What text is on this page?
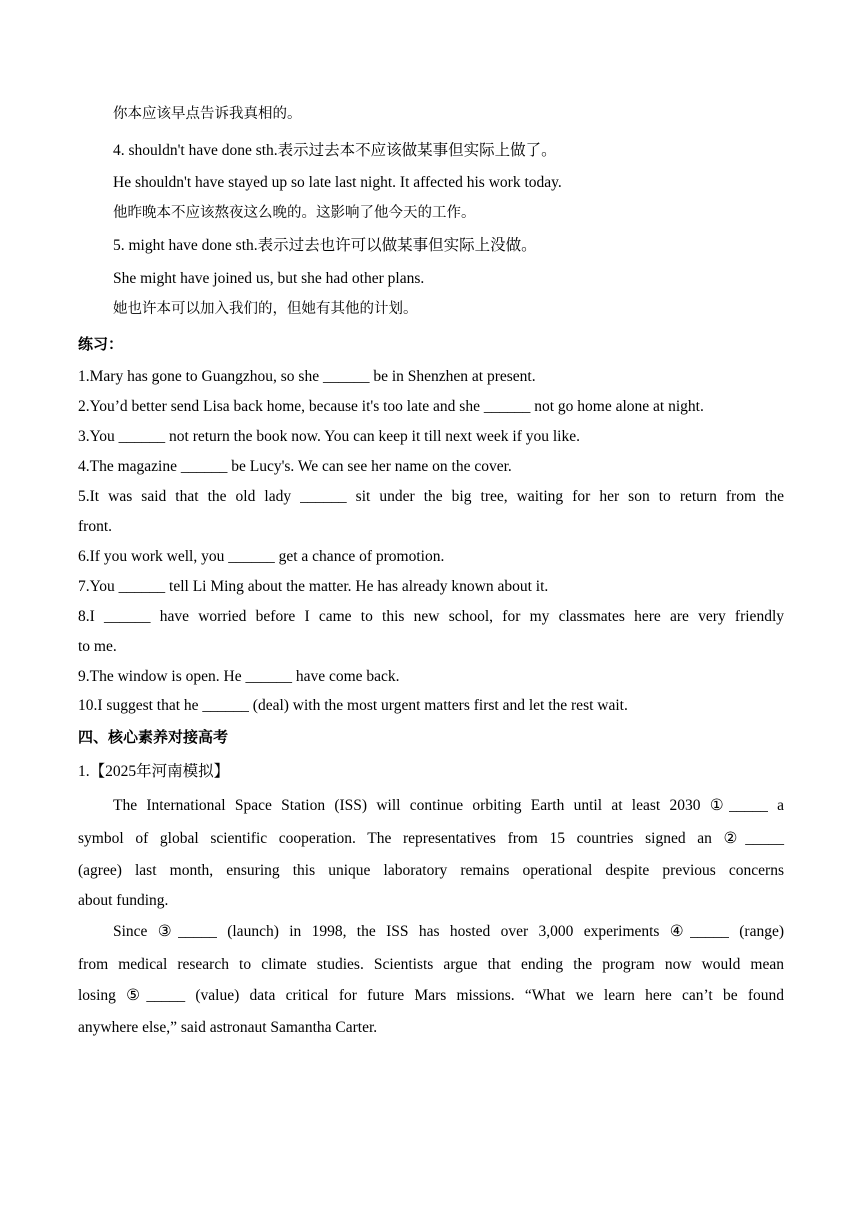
你本应该早点告诉我真相的。
4. shouldn't have done sth.表示过去本不应该做某事但实际上做了。
He shouldn't have stayed up so late last night. It affected his work today.
他昨晚本不应该熬夜这么晚的。这影响了他今天的工作。
5. might have done sth.表示过去也许可以做某事但实际上没做。
She might have joined us, but she had other plans.
她也许本可以加入我们的，但她有其他的计划。
练习：
1.Mary has gone to Guangzhou, so she ______ be in Shenzhen at present.
2.You’d better send Lisa back home, because it's too late and she ______ not go home alone at night.
3.You ______ not return the book now. You can keep it till next week if you like.
4.The magazine ______ be Lucy's. We can see her name on the cover.
5.It was said that the old lady ______ sit under the big tree, waiting for her son to return from the
front.
6.If you work well, you ______ get a chance of promotion.
7.You ______ tell Li Ming about the matter. He has already known about it.
8.I ______ have worried before I came to this new school, for my classmates here are very friendly
to me.
9.The window is open. He ______ have come back.
10.I suggest that he ______ (deal) with the most urgent matters first and let the rest wait.
四、核心素养对接高考
1.【2025年河南模拟】
The International Space Station (ISS) will continue orbiting Earth until at least 2030 ①_____ a
symbol of global scientific cooperation. The representatives from 15 countries signed an ②_____
(agree) last month, ensuring this unique laboratory remains operational despite previous concerns
about funding.
Since ③_____ (launch) in 1998, the ISS has hosted over 3,000 experiments ④_____ (range)
from medical research to climate studies. Scientists argue that ending the program now would mean
losing ⑤_____ (value) data critical for future Mars missions. “What we learn here can’t be found
anywhere else,” said astronaut Samantha Carter.
